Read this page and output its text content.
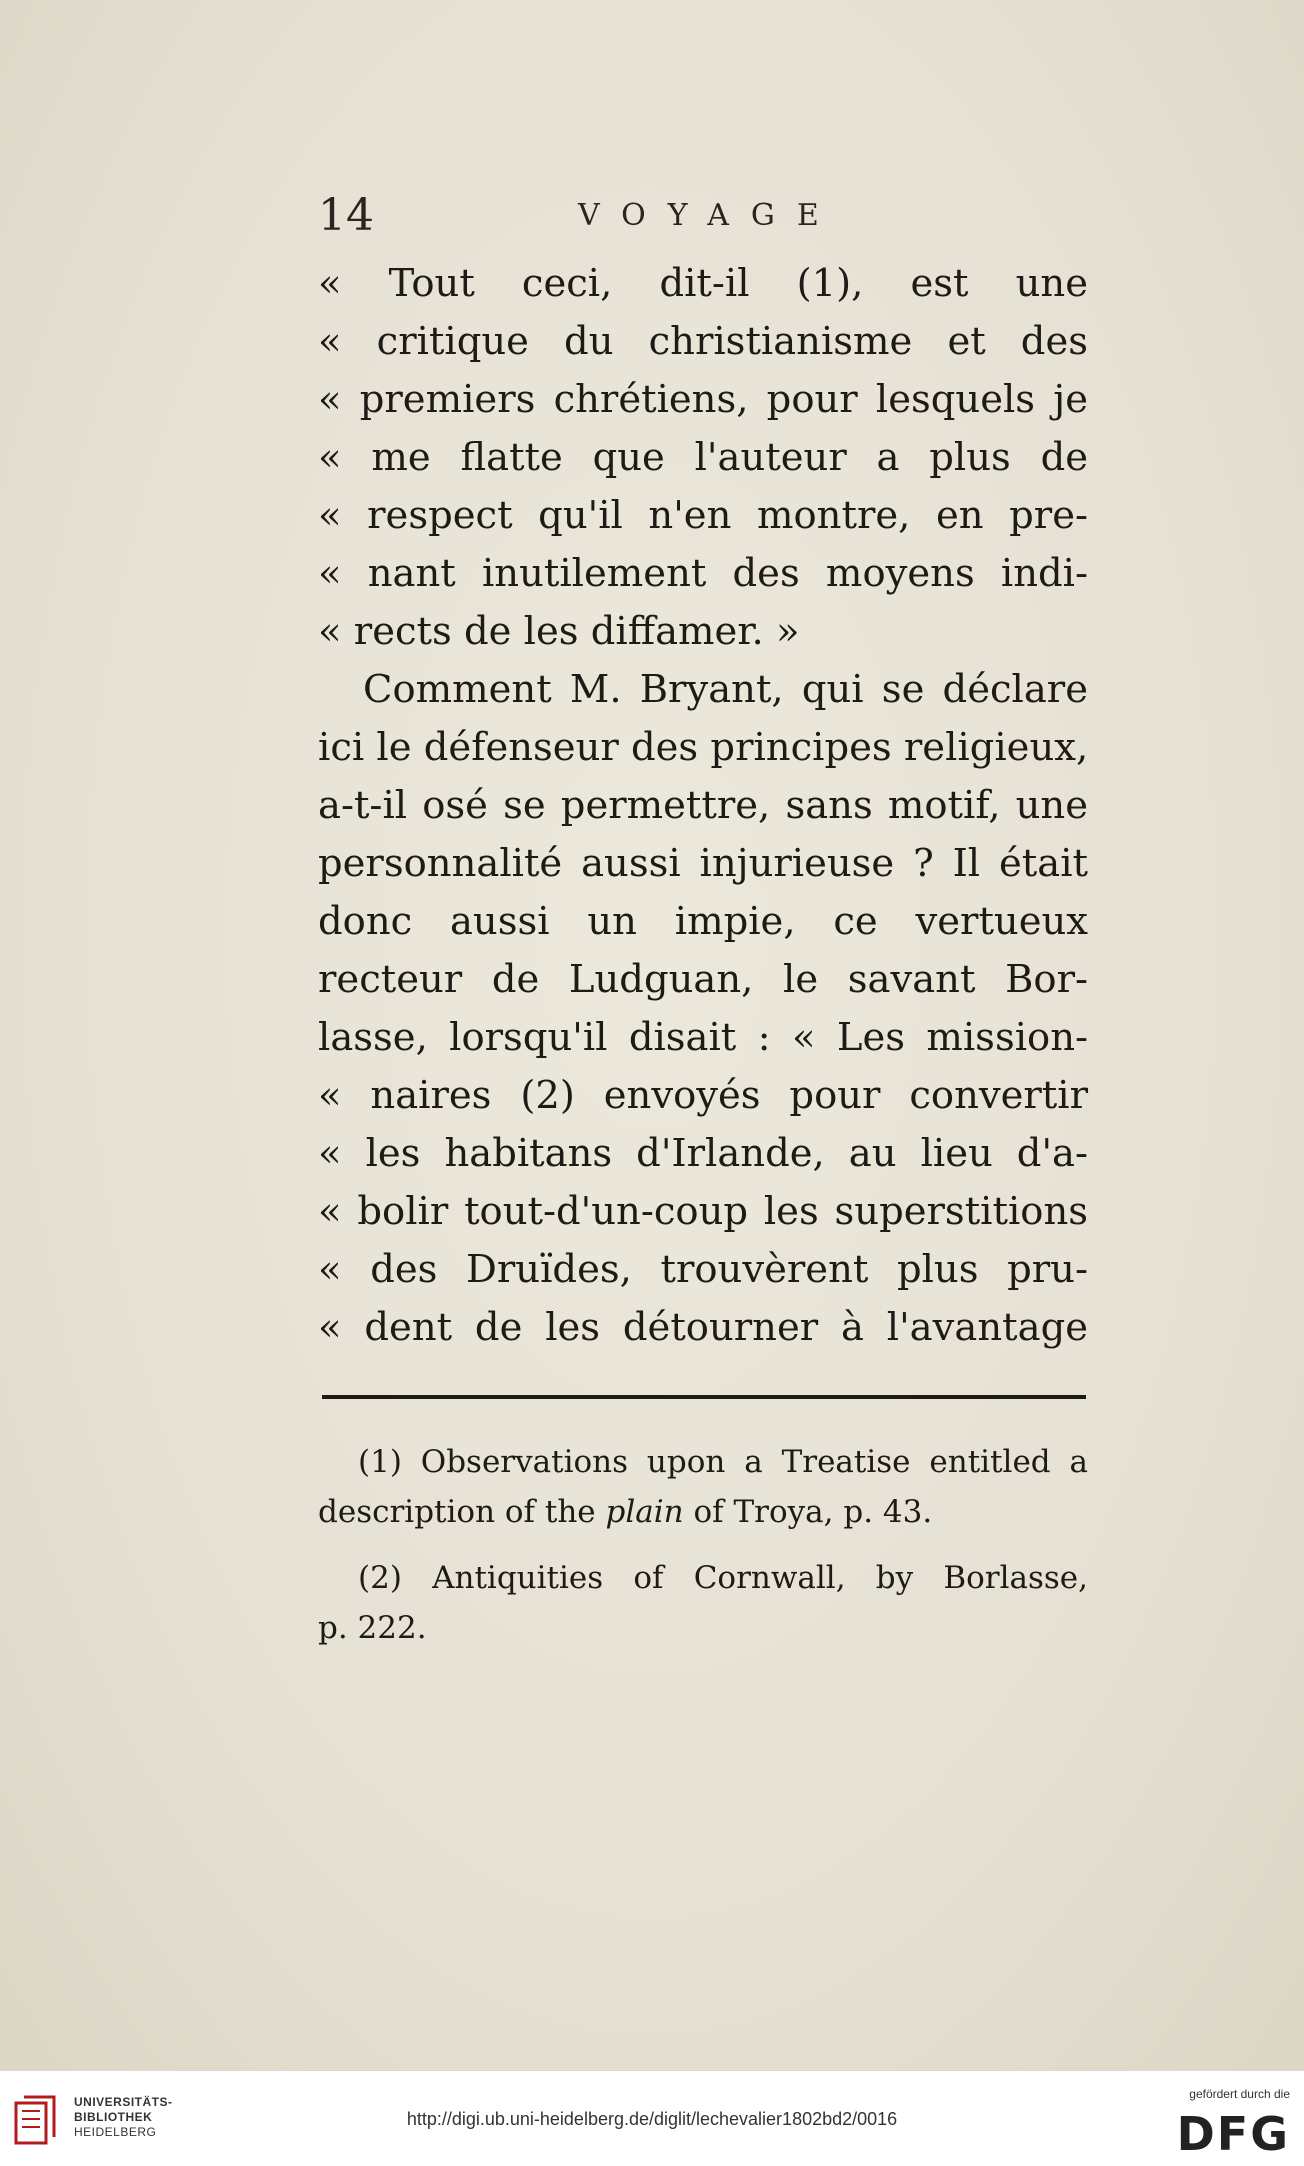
14	VOYAGE
« Tout ceci, dit-il (1), est une
« critique du christianisme et des
« premiers chrétiens, pour lesquels je
« me flatte que l'auteur a plus de
« respect qu'il n'en montre, en pre-
« nant inutilement des moyens indi-
« rects de les diffamer. »
Comment M. Bryant, qui se déclare
ici le défenseur des principes religieux,
a-t-il osé se permettre, sans motif, une
personnalité aussi injurieuse ? Il était
donc aussi un impie, ce vertueux
recteur de Ludguan, le savant Bor-
lasse, lorsqu'il disait : « Les mission-
« naires (2) envoyés pour convertir
« les habitans d'Irlande, au lieu d'a-
« bolir tout-d'un-coup les superstitions
« des Druïdes, trouvèrent plus pru-
« dent de les détourner à l'avantage
(1) Observations upon a Treatise entitled a
description of the plain of Troya, p. 43.
(2) Antiquities of Cornwall, by Borlasse,
p. 222.
UNIVERSITÄTS-
BIBLIOTHEK
HEIDELBERG
http://digi.ub.uni-heidelberg.de/diglit/lechevalier1802bd2/0016
gefördert durch die
DFG
